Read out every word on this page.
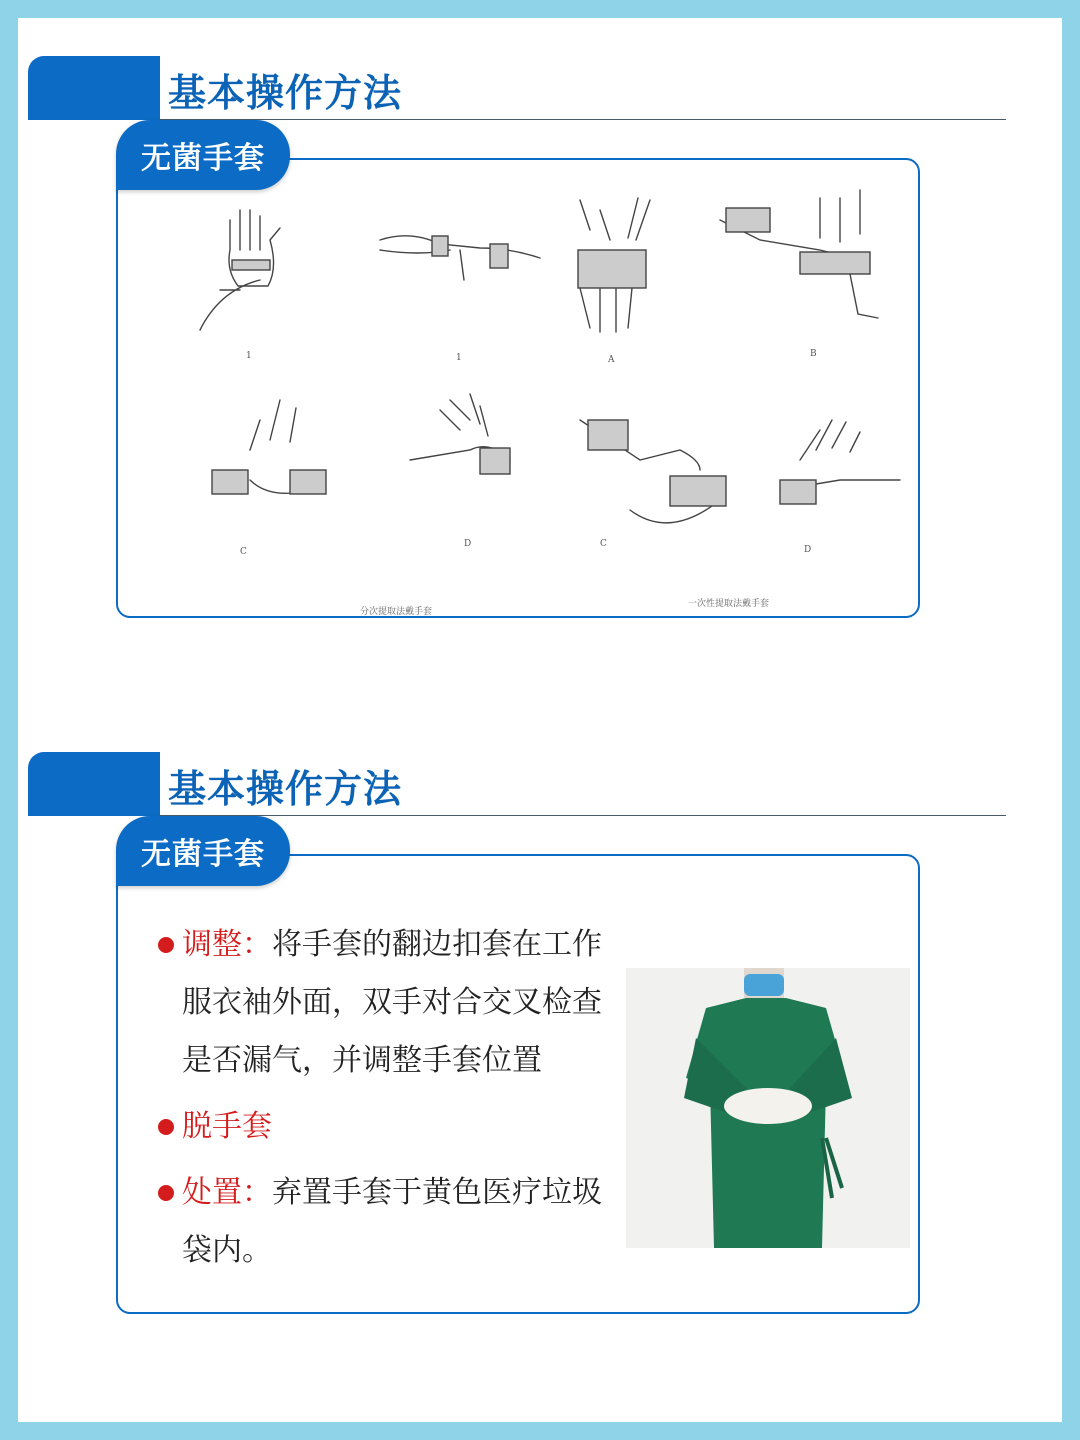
基本操作方法
1	1	A
B
C
D	C
D
分次提取法戴手套
一次性提取法戴手套
无菌手套
基本操作方法
调整：将手套的翻边扣套在工作服衣袖外面，双手对合交叉检查是否漏气，并调整手套位置
脱手套
处置：弃置手套于黄色医疗垃圾袋内。
无菌手套
